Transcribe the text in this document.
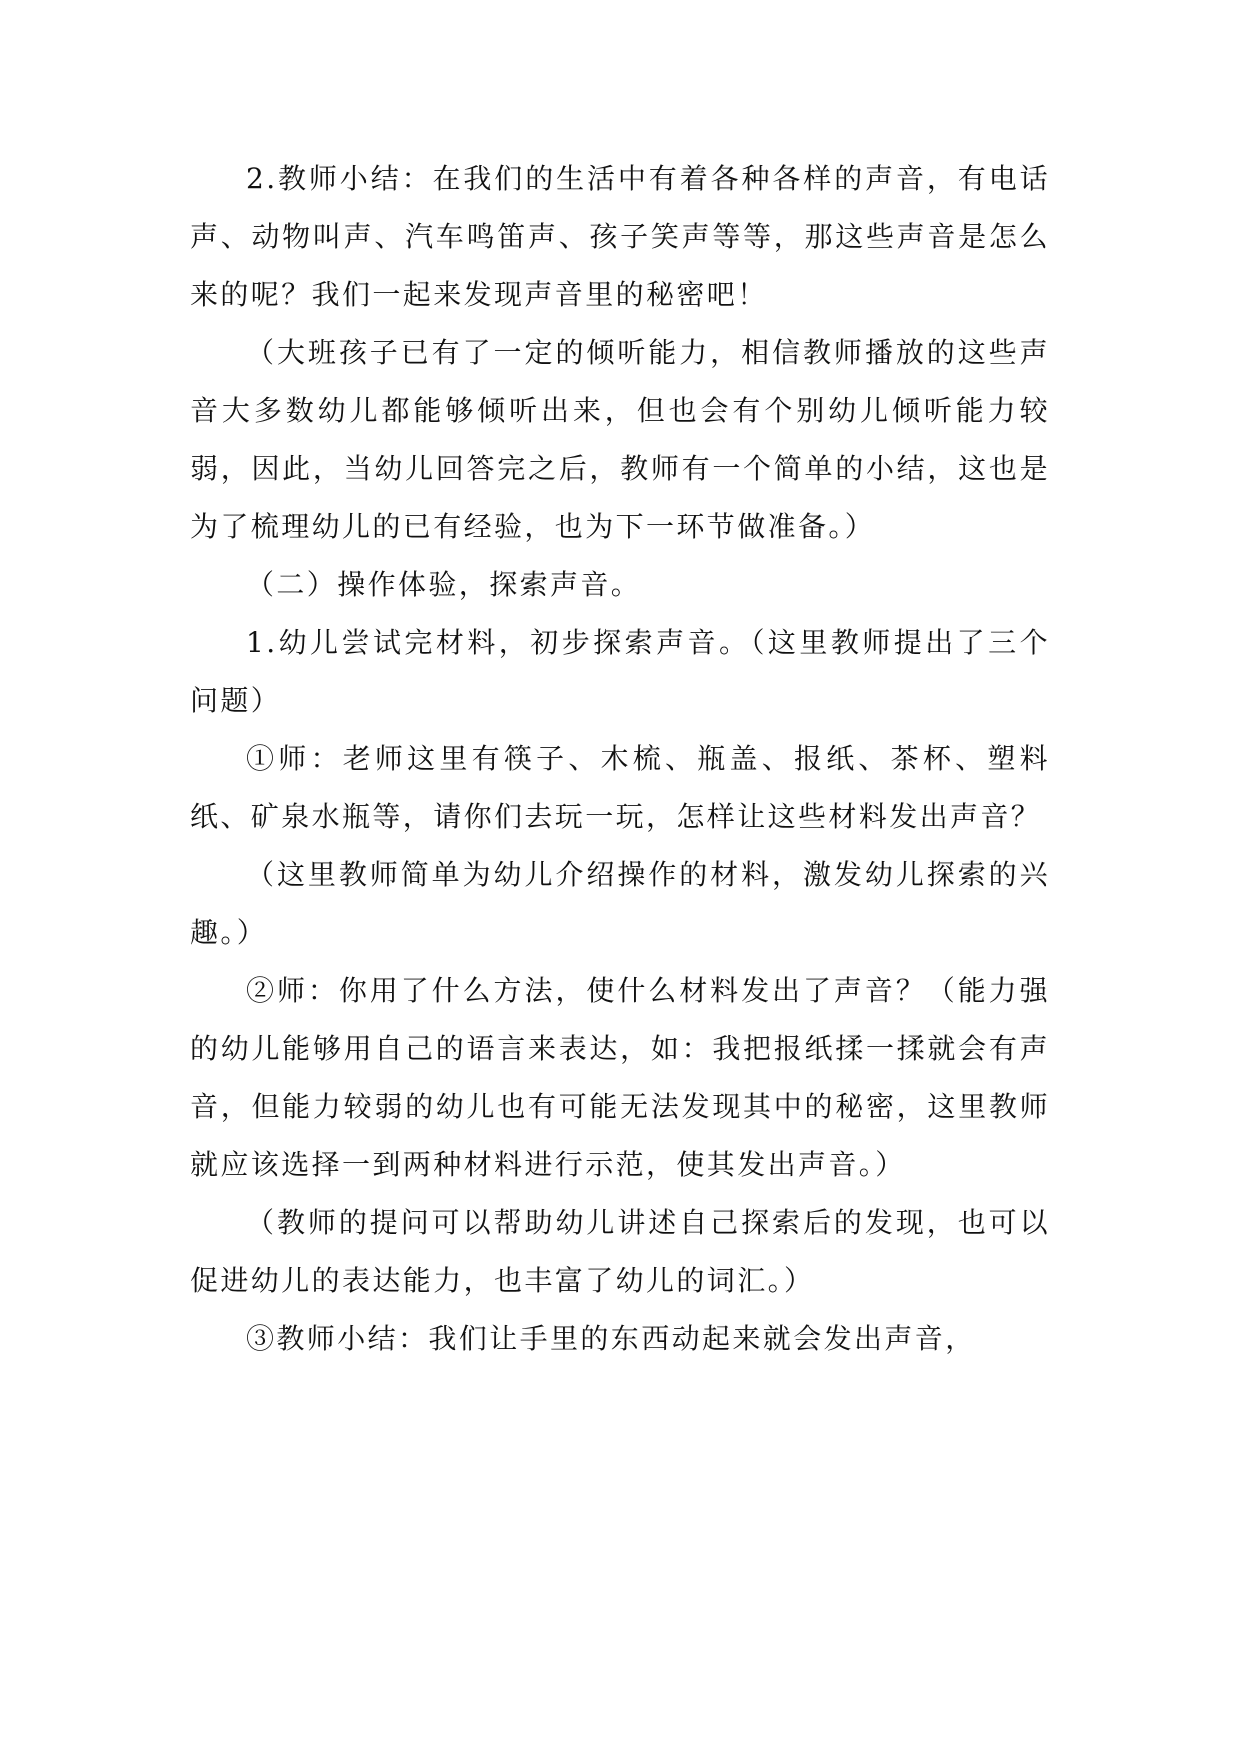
2.教师小结：在我们的生活中有着各种各样的声音，有电话声、动物叫声、汽车鸣笛声、孩子笑声等等，那这些声音是怎么来的呢？我们一起来发现声音里的秘密吧！

（大班孩子已有了一定的倾听能力，相信教师播放的这些声音大多数幼儿都能够倾听出来，但也会有个别幼儿倾听能力较弱，因此，当幼儿回答完之后，教师有一个简单的小结，这也是为了梳理幼儿的已有经验，也为下一环节做准备。）

（二）操作体验，探索声音。

1.幼儿尝试完材料，初步探索声音。（这里教师提出了三个问题）

①师：老师这里有筷子、木梳、瓶盖、报纸、茶杯、塑料纸、矿泉水瓶等，请你们去玩一玩，怎样让这些材料发出声音？

（这里教师简单为幼儿介绍操作的材料，激发幼儿探索的兴趣。）

②师：你用了什么方法，使什么材料发出了声音？（能力强的幼儿能够用自己的语言来表达，如：我把报纸揉一揉就会有声音，但能力较弱的幼儿也有可能无法发现其中的秘密，这里教师就应该选择一到两种材料进行示范，使其发出声音。）

（教师的提问可以帮助幼儿讲述自己探索后的发现，也可以促进幼儿的表达能力，也丰富了幼儿的词汇。）

③教师小结：我们让手里的东西动起来就会发出声音，
